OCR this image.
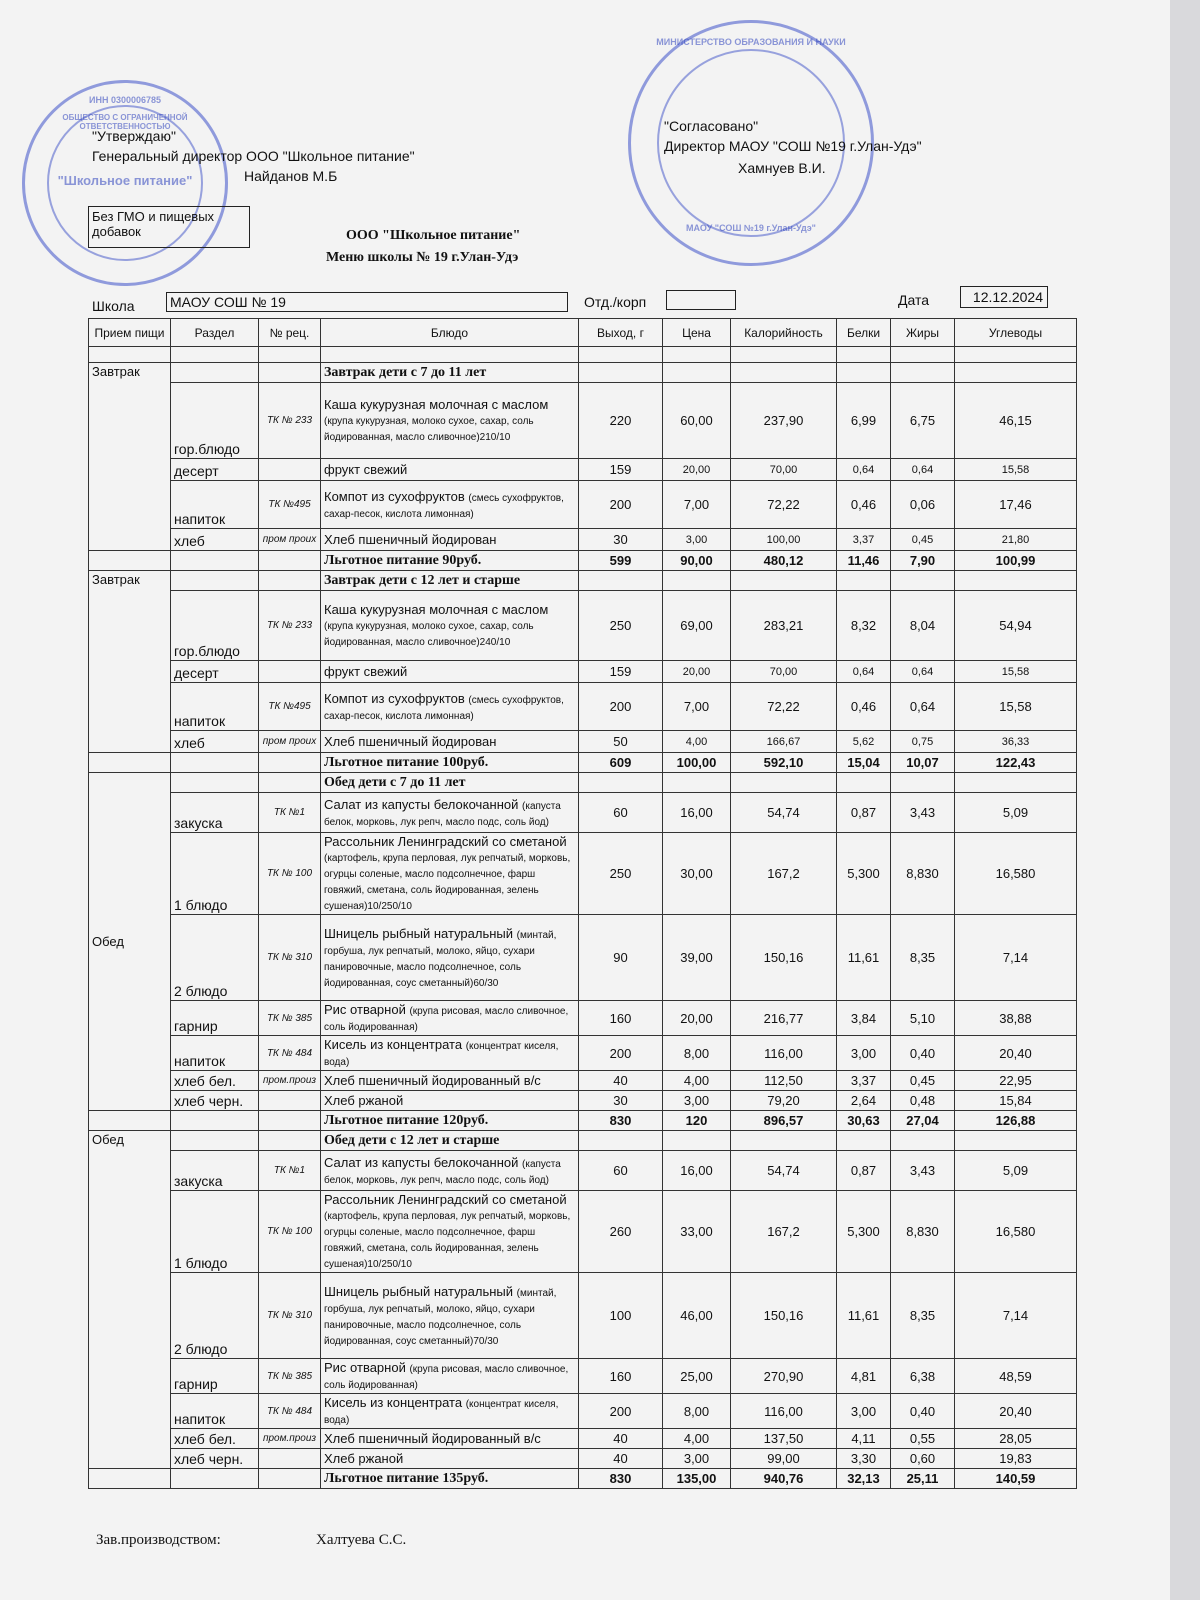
ИНН 0300006785
ОБЩЕСТВО С ОГРАНИЧЕННОЙ ОТВЕТСТВЕННОСТЬЮ
"Школьное питание"
МИНИСТЕРСТВО ОБРАЗОВАНИЯ И НАУКИ
МАОУ "СОШ №19 г.Улан-Удэ"
"Утверждаю"
Генеральный директор ООО "Школьное питание"
Найданов М.Б
Без ГМО и пищевых добавок
"Согласовано"
Директор МАОУ "СОШ №19 г.Улан-Удэ"
Хамнуев В.И.
ООО "Школьное питание"
Меню школы № 19 г.Улан-Удэ
Школа	МАОУ СОШ № 19	Отд./корп	Дата	12.12.2024
Прием пищи	Раздел	№ рец.	Блюдо	Выход, г	Цена	Калорийность	Белки	Жиры	Углеводы

Завтрак			Завтрак дети с 7 до 11 лет						
	гор.блюдо	ТК № 233	Каша кукурузная молочная с маслом (крупа кукурузная, молоко сухое, сахар, соль йодированная, масло сливочное)210/10	220	60,00	237,90	6,99	6,75	46,15
	десерт		фрукт свежий	159	20,00	70,00	0,64	0,64	15,58
	напиток	ТК №495	Компот из сухофруктов (смесь сухофруктов, сахар-песок, кислота лимонная)	200	7,00	72,22	0,46	0,06	17,46
	хлеб	пром проих	Хлеб пшеничный йодирован	30	3,00	100,00	3,37	0,45	21,80
			Льготное питание 90руб.	599	90,00	480,12	11,46	7,90	100,99
Завтрак			Завтрак дети с 12 лет и старше						
	гор.блюдо	ТК № 233	Каша кукурузная молочная с маслом (крупа кукурузная, молоко сухое, сахар, соль йодированная, масло сливочное)240/10	250	69,00	283,21	8,32	8,04	54,94
	десерт		фрукт свежий	159	20,00	70,00	0,64	0,64	15,58
	напиток	ТК №495	Компот из сухофруктов (смесь сухофруктов, сахар-песок, кислота лимонная)	200	7,00	72,22	0,46	0,64	15,58
	хлеб	пром проих	Хлеб пшеничный йодирован	50	4,00	166,67	5,62	0,75	36,33
			Льготное питание 100руб.	609	100,00	592,10	15,04	10,07	122,43
Обед			Обед дети с 7 до 11 лет						
	закуска	ТК №1	Салат из капусты белокочанной (капуста белок, морковь, лук репч, масло подс, соль йод)	60	16,00	54,74	0,87	3,43	5,09
	1 блюдо	ТК № 100	Рассольник Ленинградский со сметаной (картофель, крупа перловая, лук репчатый, морковь, огурцы соленые, масло подсолнечное, фарш говяжий, сметана, соль йодированная, зелень сушеная)10/250/10	250	30,00	167,2	5,300	8,830	16,580
	2 блюдо	ТК № 310	Шницель рыбный натуральный (минтай, горбуша, лук репчатый, молоко, яйцо, сухари панировочные, масло подсолнечное, соль йодированная, соус сметанный)60/30	90	39,00	150,16	11,61	8,35	7,14
	гарнир	ТК № 385	Рис отварной (крупа рисовая, масло сливочное, соль йодированная)	160	20,00	216,77	3,84	5,10	38,88
	напиток	ТК № 484	Кисель из концентрата (концентрат киселя, вода)	200	8,00	116,00	3,00	0,40	20,40
	хлеб бел.	пром.произ	Хлеб пшеничный йодированный в/с	40	4,00	112,50	3,37	0,45	22,95
	хлеб черн.		Хлеб ржаной	30	3,00	79,20	2,64	0,48	15,84
			Льготное питание 120руб.	830	120	896,57	30,63	27,04	126,88
Обед			Обед дети с 12 лет и старше						
	закуска	ТК №1	Салат из капусты белокочанной (капуста белок, морковь, лук репч, масло подс, соль йод)	60	16,00	54,74	0,87	3,43	5,09
	1 блюдо	ТК № 100	Рассольник Ленинградский со сметаной (картофель, крупа перловая, лук репчатый, морковь, огурцы соленые, масло подсолнечное, фарш говяжий, сметана, соль йодированная, зелень сушеная)10/250/10	260	33,00	167,2	5,300	8,830	16,580
	2 блюдо	ТК № 310	Шницель рыбный натуральный (минтай, горбуша, лук репчатый, молоко, яйцо, сухари панировочные, масло подсолнечное, соль йодированная, соус сметанный)70/30	100	46,00	150,16	11,61	8,35	7,14
	гарнир	ТК № 385	Рис отварной (крупа рисовая, масло сливочное, соль йодированная)	160	25,00	270,90	4,81	6,38	48,59
	напиток	ТК № 484	Кисель из концентрата (концентрат киселя, вода)	200	8,00	116,00	3,00	0,40	20,40
	хлеб бел.	пром.произ	Хлеб пшеничный йодированный в/с	40	4,00	137,50	4,11	0,55	28,05
	хлеб черн.		Хлеб ржаной	40	3,00	99,00	3,30	0,60	19,83
			Льготное питание 135руб.	830	135,00	940,76	32,13	25,11	140,59
Зав.производством:	Халтуева С.С.
